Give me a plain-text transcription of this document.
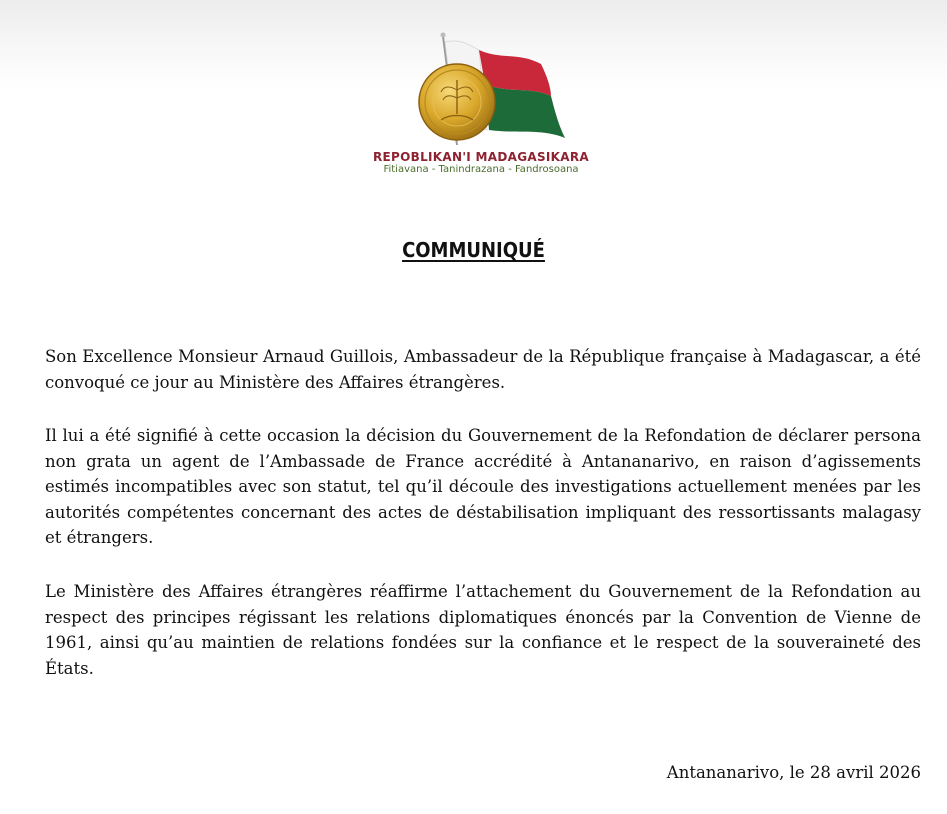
REPOBLIKAN'I MADAGASIKARA
Fitiavana - Tanindrazana - Fandrosoana
COMMUNIQUÉ

Son Excellence Monsieur Arnaud Guillois, Ambassadeur de la République française à Madagascar, a été convoqué ce jour au Ministère des Affaires étrangères.

Il lui a été signifié à cette occasion la décision du Gouvernement de la Refondation de déclarer persona non grata un agent de l’Ambassade de France accrédité à Antananarivo, en raison d’agissements estimés incompatibles avec son statut, tel qu’il découle des investigations actuellement menées par les autorités compétentes concernant des actes de déstabilisation impliquant des ressortissants malagasy et étrangers.

Le Ministère des Affaires étrangères réaffirme l’attachement du Gouvernement de la Refondation au respect des principes régissant les relations diplomatiques énoncés par la Convention de Vienne de 1961, ainsi qu’au maintien de relations fondées sur la confiance et le respect de la souveraineté des États.

Antananarivo, le 28 avril 2026
